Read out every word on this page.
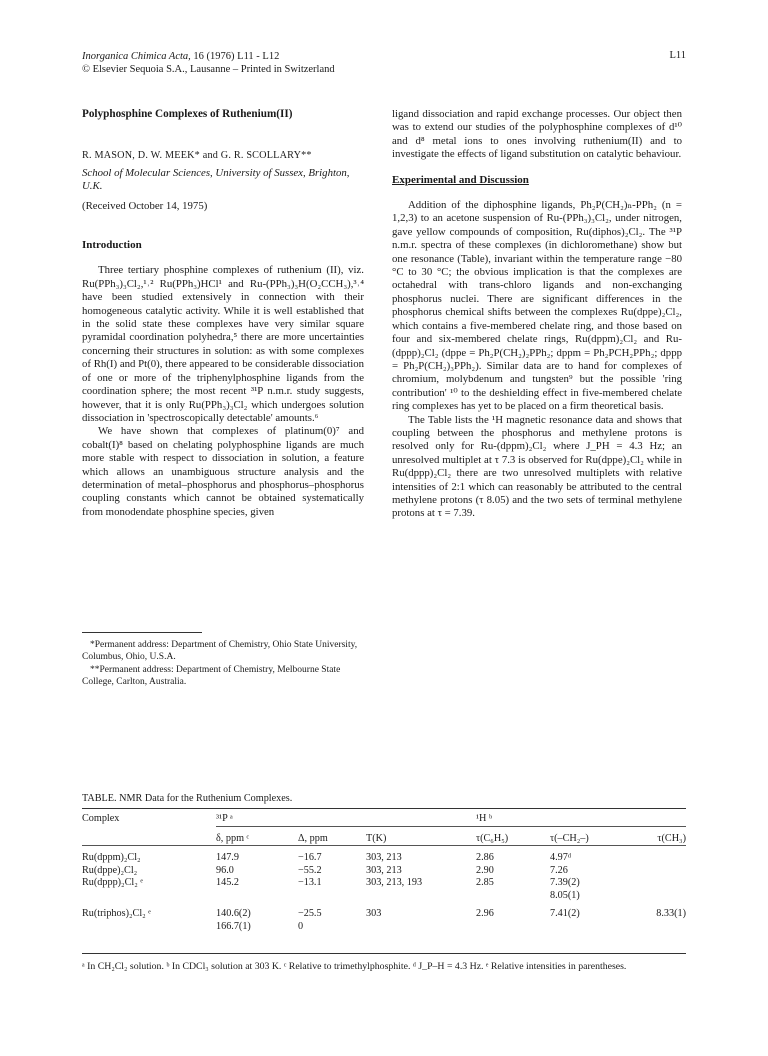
Inorganica Chimica Acta, 16 (1976) L11 - L12
© Elsevier Sequoia S.A., Lausanne – Printed in Switzerland
L11
Polyphosphine Complexes of Ruthenium(II)
R. MASON, D. W. MEEK* and G. R. SCOLLARY**
School of Molecular Sciences, University of Sussex, Brighton, U.K.
(Received October 14, 1975)
Introduction

Three tertiary phosphine complexes of ruthenium (II), viz. Ru(PPh₃)₃Cl₂,¹˒² Ru(PPh₃)HCl¹ and Ru-(PPh₃)₃H(O₂CCH₃),³˒⁴ have been studied extensively in connection with their homogeneous catalytic activity. While it is well established that in the solid state these complexes have very similar square pyramidal coordination polyhedra,⁵ there are more uncertainties concerning their structures in solution: as with some complexes of Rh(I) and Pt(0), there appeared to be considerable dissociation of one or more of the triphenylphosphine ligands from the coordination sphere; the most recent ³¹P n.m.r. study suggests, however, that it is only Ru(PPh₃)₃Cl₂ which undergoes solution dissociation in 'spectroscopically detectable' amounts.⁶

We have shown that complexes of platinum(0)⁷ and cobalt(I)⁸ based on chelating polyphosphine ligands are much more stable with respect to dissociation in solution, a feature which allows an unambiguous structure analysis and the determination of metal–phosphorus and phosphorus–phosphorus coupling constants which cannot be obtained systematically from monodendate phosphine species, given

*Permanent address: Department of Chemistry, Ohio State University, Columbus, Ohio, U.S.A.
**Permanent address: Department of Chemistry, Melbourne State College, Carlton, Australia.

ligand dissociation and rapid exchange processes. Our object then was to extend our studies of the polyphosphine complexes of d¹⁰ and d⁸ metal ions to ones involving ruthenium(II) and to investigate the effects of ligand substitution on catalytic behaviour.

Experimental and Discussion

Addition of the diphosphine ligands, Ph₂P(CH₂)ₙ-PPh₂ (n = 1,2,3) to an acetone suspension of Ru-(PPh₃)₃Cl₂, under nitrogen, gave yellow compounds of composition, Ru(diphos)₂Cl₂. The ³¹P n.m.r. spectra of these complexes (in dichloromethane) show but one resonance (Table), invariant within the temperature range −80 °C to 30 °C; the obvious implication is that the complexes are octahedral with trans-chloro ligands and non-exchanging phosphorus nuclei. There are significant differences in the phosphorus chemical shifts between the complexes Ru(dppe)₂Cl₂, which contains a five-membered chelate ring, and those based on four and six-membered chelate rings, Ru(dppm)₂Cl₂ and Ru-(dppp)₂Cl₂ (dppe = Ph₂P(CH₂)₂PPh₂; dppm = Ph₂PCH₂PPh₂; dppp = Ph₂P(CH₂)₃PPh₂). Similar data are to hand for complexes of chromium, molybdenum and tungsten⁹ but the possible 'ring contribution' ¹⁰ to the deshielding effect in five-membered chelate ring complexes has yet to be placed on a firm theoretical basis.

The Table lists the ¹H magnetic resonance data and shows that coupling between the phosphorus and methylene protons is resolved only for Ru-(dppm)₂Cl₂ where J_PH = 4.3 Hz; an unresolved multiplet at τ 7.3 is observed for Ru(dppe)₂Cl₂ while in Ru(dppp)₂Cl₂ there are two unresolved multiplets with relative intensities of 2:1 which can reasonably be attributed to the central methylene protons (τ 8.05) and the two sets of terminal methylene protons at τ = 7.39.

TABLE. NMR Data for the Ruthenium Complexes.
Complex	³¹P ᵃ			¹H ᵇ		

	δ, ppm ᶜ	Δ, ppm	T(K)	τ(C₆H₅)	τ(–CH₂–)	τ(CH₃)

Ru(dppm)₂Cl₂	147.9	−16.7	303, 213	2.86	4.97ᵈ	
Ru(dppe)₂Cl₂	96.0	−55.2	303, 213	2.90	7.26	
Ru(dppp)₂Cl₂ ᵉ	145.2	−13.1	303, 213, 193	2.85	7.39(2)	
					8.05(1)	
Ru(triphos)₂Cl₂ ᵉ	140.6(2)	−25.5	303	2.96	7.41(2)	8.33(1)
	166.7(1)	0				
ᵃ In CH₂Cl₂ solution. ᵇ In CDCl₃ solution at 303 K. ᶜ Relative to trimethylphosphite. ᵈ J_P–H = 4.3 Hz. ᵉ Relative intensities in parentheses.
